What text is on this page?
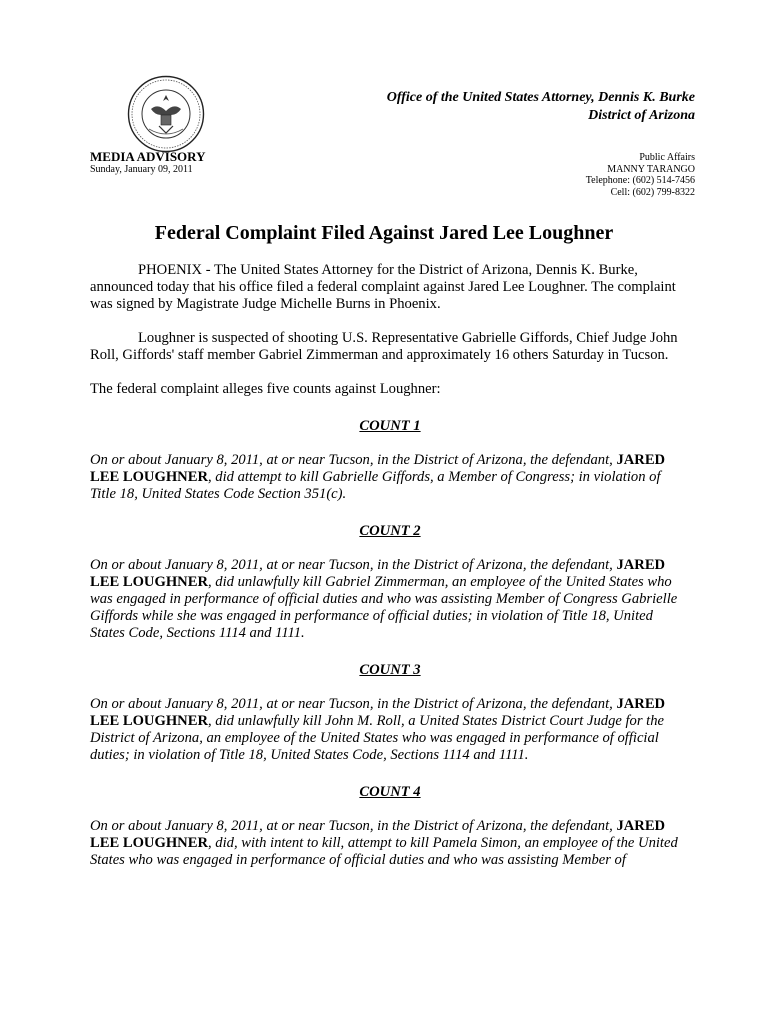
Office of the United States Attorney, Dennis K. Burke
District of Arizona
MEDIA ADVISORY
Sunday, January 09, 2011
Public Affairs
MANNY TARANGO
Telephone: (602) 514-7456
Cell: (602) 799-8322
Federal Complaint Filed Against Jared Lee Loughner

PHOENIX - The United States Attorney for the District of Arizona, Dennis K. Burke, announced today that his office filed a federal complaint against Jared Lee Loughner. The complaint was signed by Magistrate Judge Michelle Burns in Phoenix.

Loughner is suspected of shooting U.S. Representative Gabrielle Giffords, Chief Judge John Roll, Giffords' staff member Gabriel Zimmerman and approximately 16 others Saturday in Tucson.

The federal complaint alleges five counts against Loughner:

COUNT 1

On or about January 8, 2011, at or near Tucson, in the District of Arizona, the defendant, JARED LEE LOUGHNER, did attempt to kill Gabrielle Giffords, a Member of Congress; in violation of Title 18, United States Code Section 351(c).

COUNT 2

On or about January 8, 2011, at or near Tucson, in the District of Arizona, the defendant, JARED LEE LOUGHNER, did unlawfully kill Gabriel Zimmerman, an employee of the United States who was engaged in performance of official duties and who was assisting Member of Congress Gabrielle Giffords while she was engaged in performance of official duties; in violation of Title 18, United States Code, Sections 1114 and 1111.

COUNT 3

On or about January 8, 2011, at or near Tucson, in the District of Arizona, the defendant, JARED LEE LOUGHNER, did unlawfully kill John M. Roll, a United States District Court Judge for the District of Arizona, an employee of the United States who was engaged in performance of official duties; in violation of Title 18, United States Code, Sections 1114 and 1111.

COUNT 4

On or about January 8, 2011, at or near Tucson, in the District of Arizona, the defendant, JARED LEE LOUGHNER, did, with intent to kill, attempt to kill Pamela Simon, an employee of the United States who was engaged in performance of official duties and who was assisting Member of
